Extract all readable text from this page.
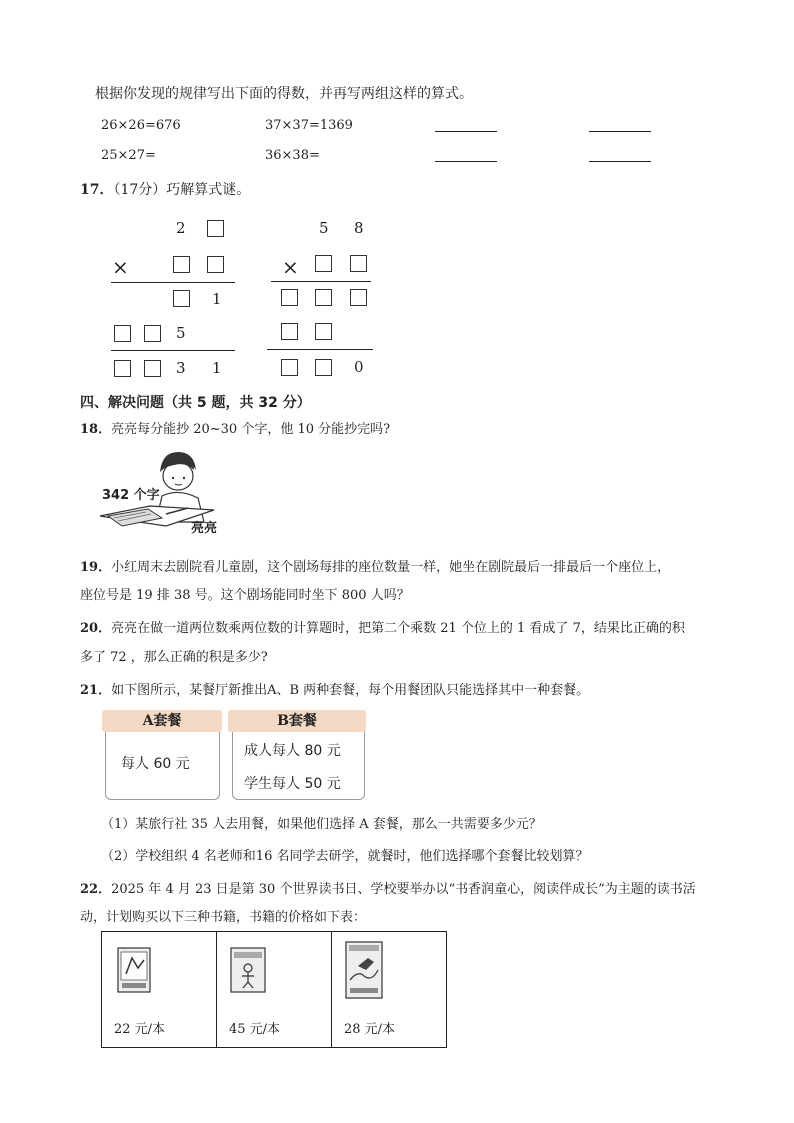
根据你发现的规律写出下面的得数，并再写两组这样的算式。
26×26=676	37×37=1369
25×27=	36×38=
17．（17分）巧解算式谜。
2
×
1
5
3 1
5 8
×
0
四、解决问题（共 5 题，共 32 分）
18．亮亮每分能抄 20~30 个字，他 10 分能抄完吗?
342 个字
亮亮
19．小红周末去剧院看儿童剧，这个剧场每排的座位数量一样，她坐在剧院最后一排最后一个座位上，
座位号是 19 排 38 号。这个剧场能同时坐下 800 人吗？
20．亮亮在做一道两位数乘两位数的计算题时，把第二个乘数 21 个位上的 1 看成了 7，结果比正确的积
多了 72 ，那么正确的积是多少?
21．如下图所示，某餐厅新推出A、B 两种套餐，每个用餐团队只能选择其中一种套餐。
A套餐
每人 60 元
B套餐
成人每人 80 元
学生每人 50 元
（1）某旅行社 35 人去用餐，如果他们选择 A 套餐，那么一共需要多少元？
（2）学校组织 4 名老师和16 名同学去研学，就餐时，他们选择哪个套餐比较划算？
22．2025 年 4 月 23 日是第 30 个世界读书日、学校要举办以“书香润童心，阅读伴成长”为主题的读书活
动，计划购买以下三种书籍，书籍的价格如下表：
22 元/本	45 元/本	28 元/本
